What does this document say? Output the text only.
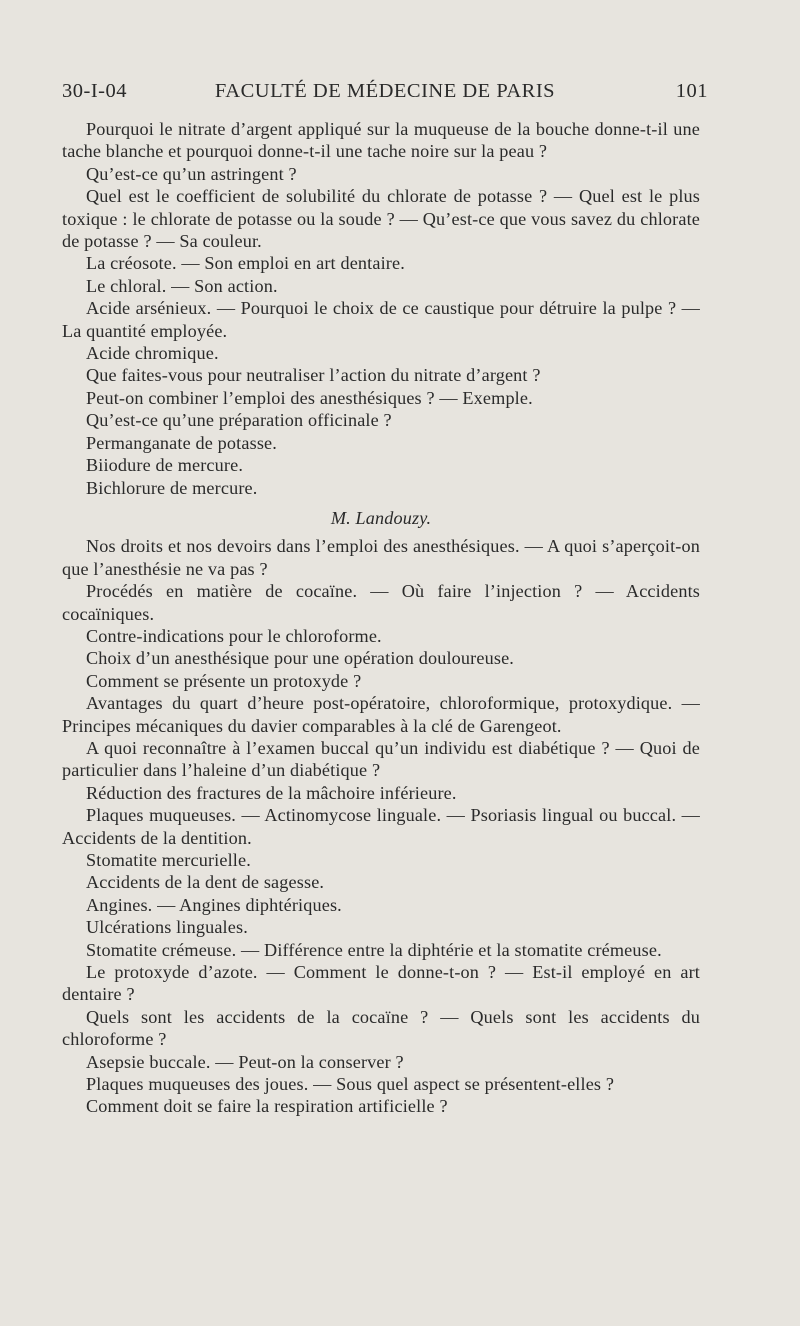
30-I-04	FACULTÉ DE MÉDECINE DE PARIS	101

Pourquoi le nitrate d’argent appliqué sur la muqueuse de la bouche donne-t-il une tache blanche et pourquoi donne-t-il une tache noire sur la peau ?

Qu’est-ce qu’un astringent ?

Quel est le coefficient de solubilité du chlorate de potasse ? — Quel est le plus toxique : le chlorate de potasse ou la soude ? — Qu’est-ce que vous savez du chlorate de potasse ? — Sa couleur.

La créosote. — Son emploi en art dentaire.

Le chloral. — Son action.

Acide arsénieux. — Pourquoi le choix de ce caustique pour détruire la pulpe ? — La quantité employée.

Acide chromique.

Que faites-vous pour neutraliser l’action du nitrate d’argent ?

Peut-on combiner l’emploi des anesthésiques ? — Exemple.

Qu’est-ce qu’une préparation officinale ?

Permanganate de potasse.

Biiodure de mercure.

Bichlorure de mercure.

M. Landouzy.

Nos droits et nos devoirs dans l’emploi des anesthésiques. — A quoi s’aperçoit-on que l’anesthésie ne va pas ?

Procédés en matière de cocaïne. — Où faire l’injection ? — Accidents cocaïniques.

Contre-indications pour le chloroforme.

Choix d’un anesthésique pour une opération douloureuse.

Comment se présente un protoxyde ?

Avantages du quart d’heure post-opératoire, chloroformique, protoxydique. — Principes mécaniques du davier comparables à la clé de Garengeot.

A quoi reconnaître à l’examen buccal qu’un individu est diabétique ? — Quoi de particulier dans l’haleine d’un diabétique ?

Réduction des fractures de la mâchoire inférieure.

Plaques muqueuses. — Actinomycose linguale. — Psoriasis lingual ou buccal. — Accidents de la dentition.

Stomatite mercurielle.

Accidents de la dent de sagesse.

Angines. — Angines diphtériques.

Ulcérations linguales.

Stomatite crémeuse. — Différence entre la diphtérie et la stomatite crémeuse.

Le protoxyde d’azote. — Comment le donne-t-on ? — Est-il employé en art dentaire ?

Quels sont les accidents de la cocaïne ? — Quels sont les accidents du chloroforme ?

Asepsie buccale. — Peut-on la conserver ?

Plaques muqueuses des joues. — Sous quel aspect se présentent-elles ?

Comment doit se faire la respiration artificielle ?
